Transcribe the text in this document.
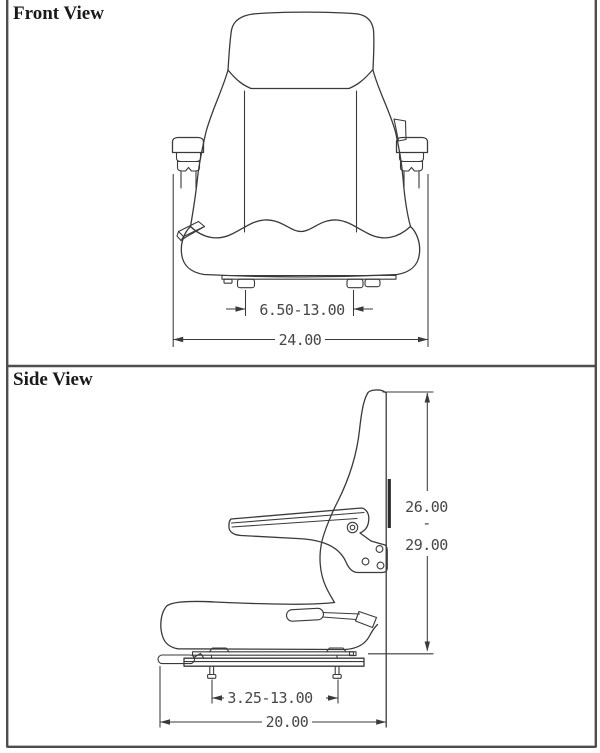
Front View
6.50-13.00
24.00
Side View
26.00
-
29.00
3.25-13.00
20.00
